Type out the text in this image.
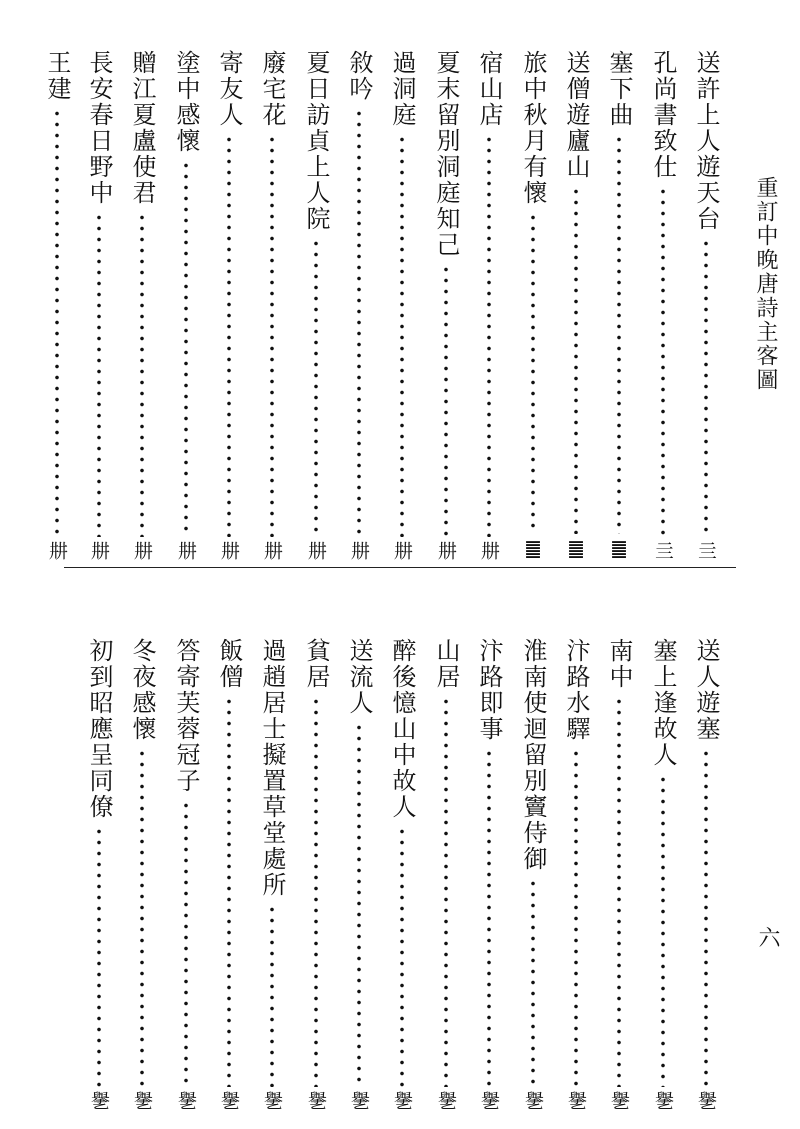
重訂中晚唐詩主客圖
六
送許上人遊天台
亖
孔尚書致仕
亖
塞下曲
䷀
送僧遊廬山
䷀
旅中秋月有懷
䷀
宿山店
㐩
夏末留別洞庭知己
㐩
過洞庭
㐩
敘吟
㐩
夏日訪貞上人院
㐩
廢宅花
㐩
寄友人
㐩
塗中感懷
㐩
贈江夏盧使君
㐩
長安春日野中
㐩
王建
㐩
送人遊塞
㐦
塞上逢故人
㐦
南中
㐦
汴路水驛
㐦
淮南使迴留別竇侍御
㐦
汴路即事
㐦
山居
㐦
醉後憶山中故人
㐦
送流人
㐦
貧居
㐦
過趙居士擬置草堂處所
㐦
飯僧
㐦
答寄芙蓉冠子
㐦
冬夜感懷
㐦
初到昭應呈同僚
㐦
